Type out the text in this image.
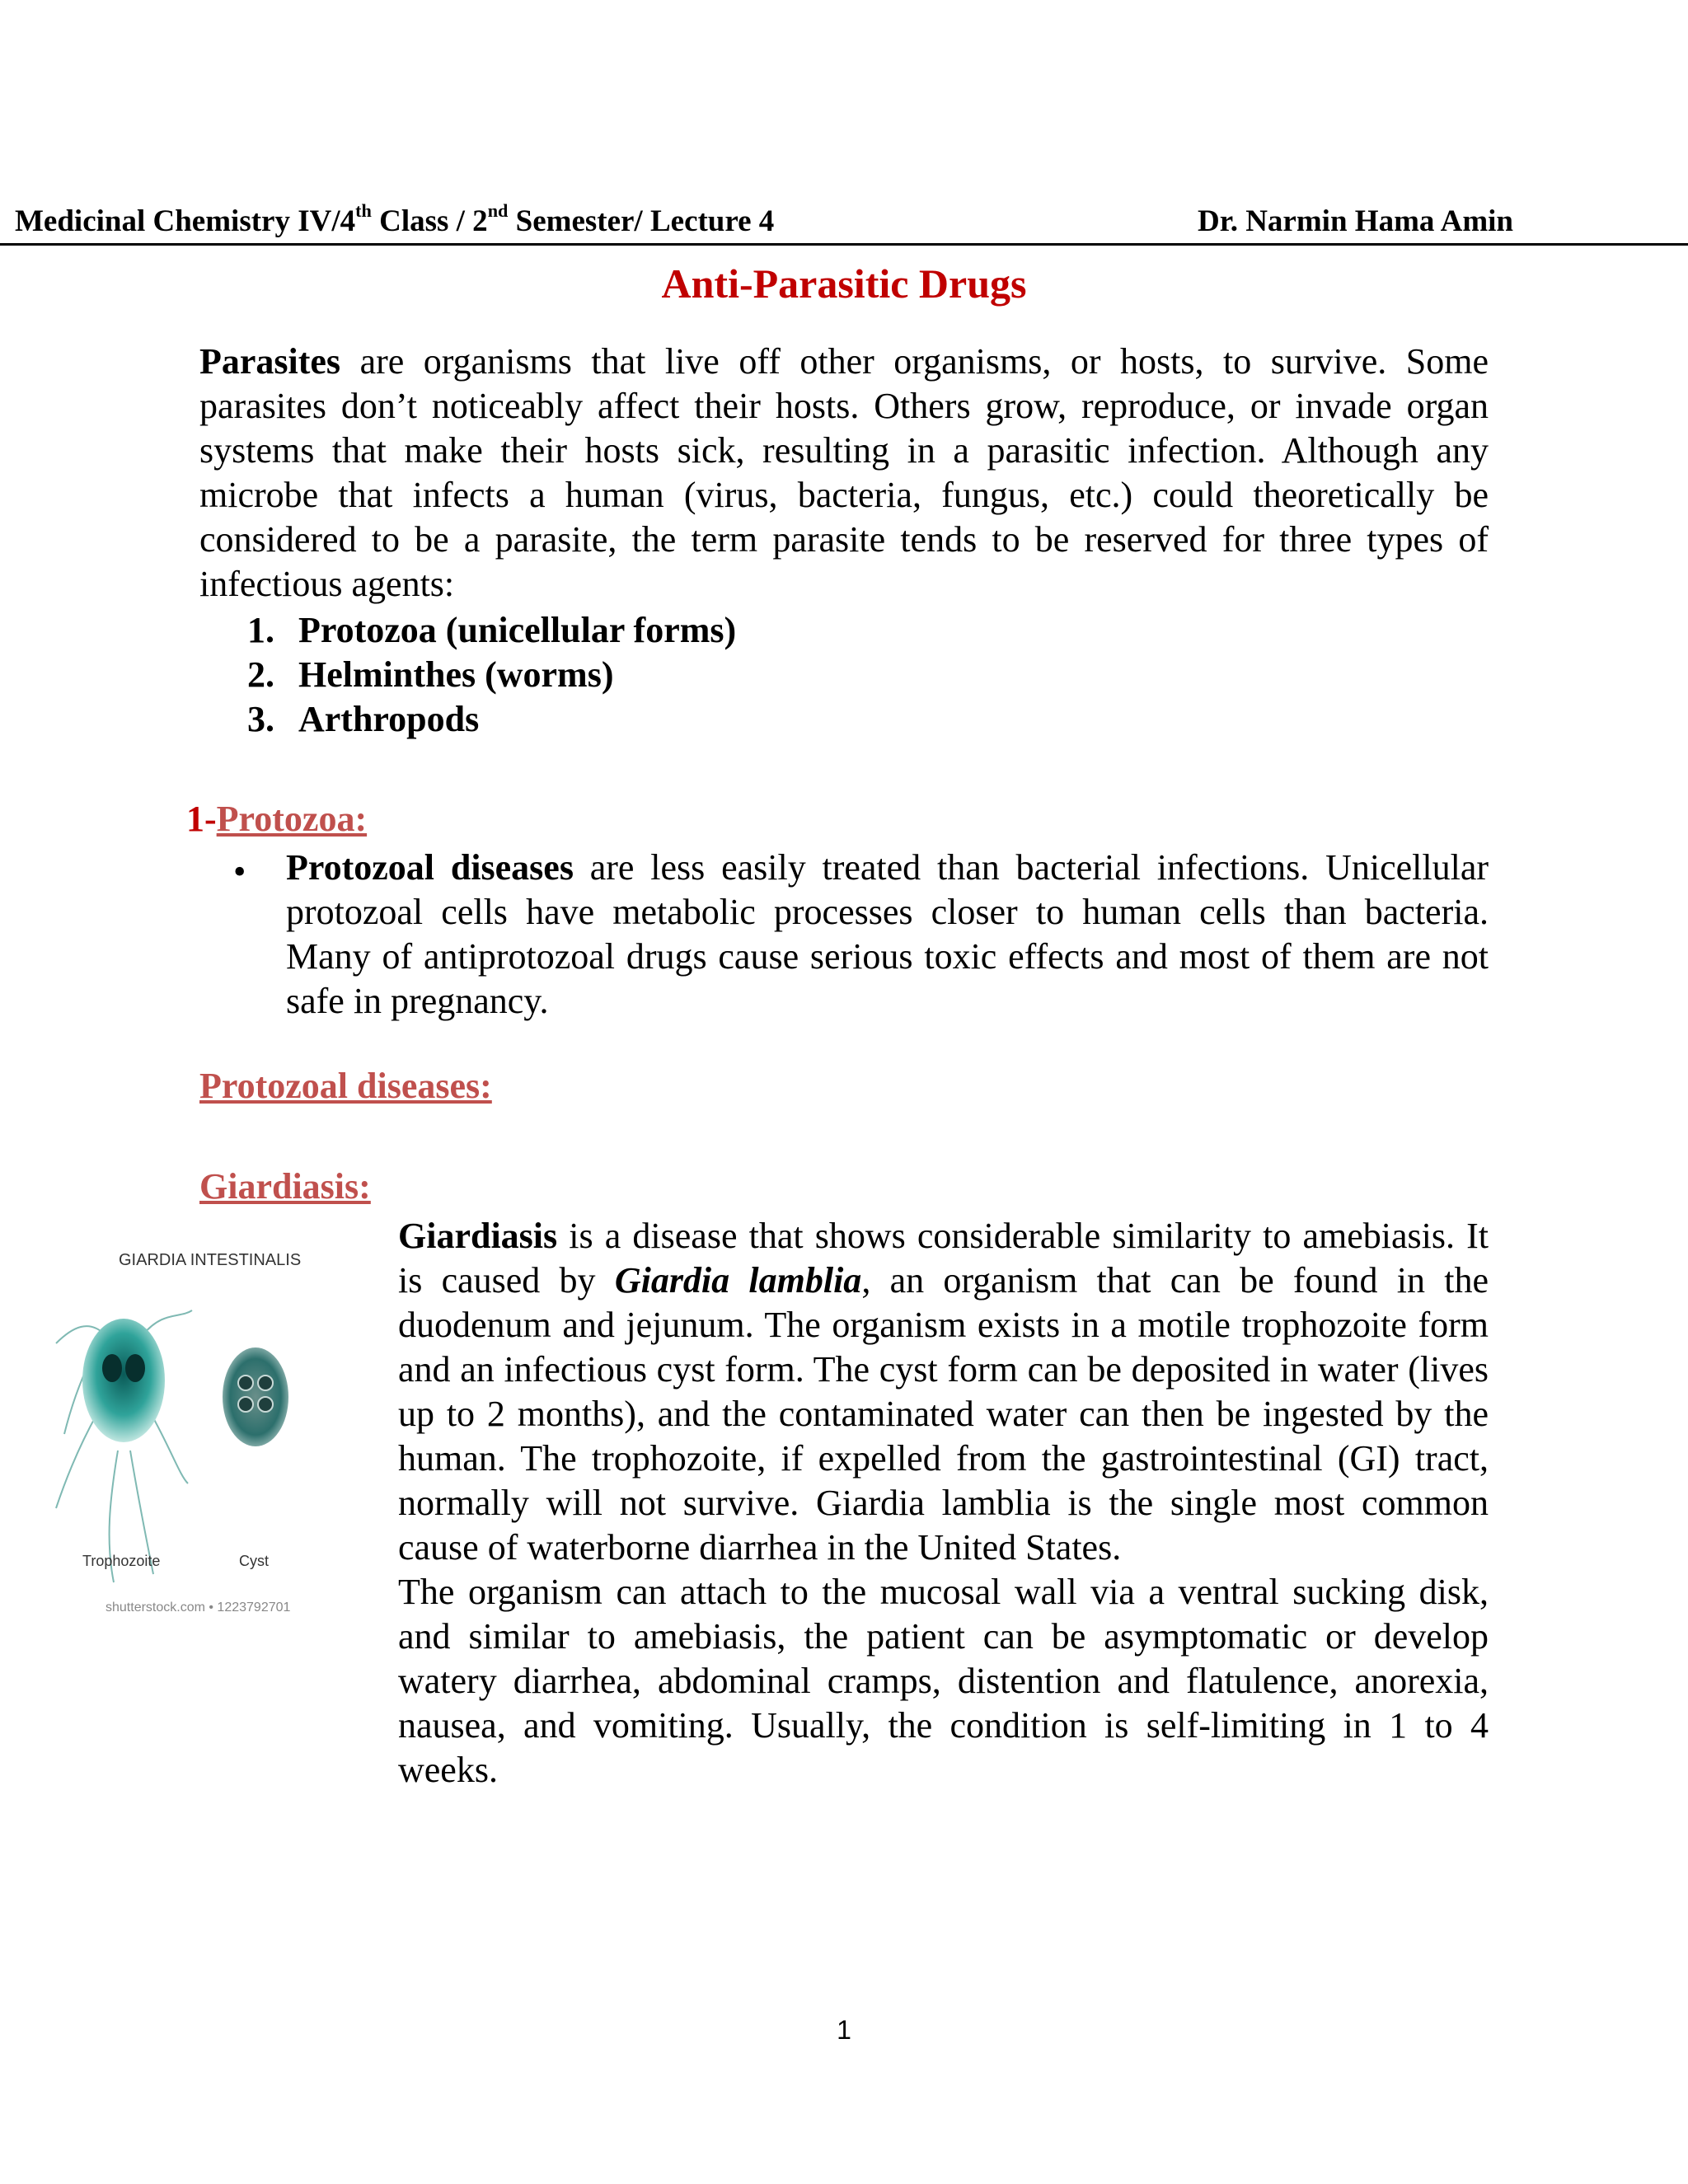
Medicinal Chemistry IV/4th Class / 2nd Semester/ Lecture 4	Dr. Narmin Hama Amin
Anti-Parasitic Drugs
Parasites are organisms that live off other organisms, or hosts, to survive. Some parasites don’t noticeably affect their hosts. Others grow, reproduce, or invade organ systems that make their hosts sick, resulting in a parasitic infection. Although any microbe that infects a human (virus, bacteria, fungus, etc.) could theoretically be considered to be a parasite, the term parasite tends to be reserved for three types of infectious agents:
1. Protozoa (unicellular forms)
2. Helminthes (worms)
3. Arthropods
1-Protozoa:
• Protozoal diseases are less easily treated than bacterial infections. Unicellular protozoal cells have metabolic processes closer to human cells than bacteria. Many of antiprotozoal drugs cause serious toxic effects and most of them are not safe in pregnancy.
Protozoal diseases:
Giardiasis:
GIARDIA INTESTINALIS
Trophozoite	Cyst
shutterstock.com • 1223792701

Giardiasis is a disease that shows considerable similarity to amebiasis. It is caused by Giardia lamblia, an organism that can be found in the duodenum and jejunum. The organism exists in a motile trophozoite form and an infectious cyst form. The cyst form can be deposited in water (lives up to 2 months), and the contaminated water can then be ingested by the human. The trophozoite, if expelled from the gastrointestinal (GI) tract, normally will not survive. Giardia lamblia is the single most common cause of waterborne diarrhea in the United States.

The organism can attach to the mucosal wall via a ventral sucking disk, and similar to amebiasis, the patient can be asymptomatic or develop watery diarrhea, abdominal cramps, distention and flatulence, anorexia, nausea, and vomiting. Usually, the condition is self-limiting in 1 to 4 weeks.

1
